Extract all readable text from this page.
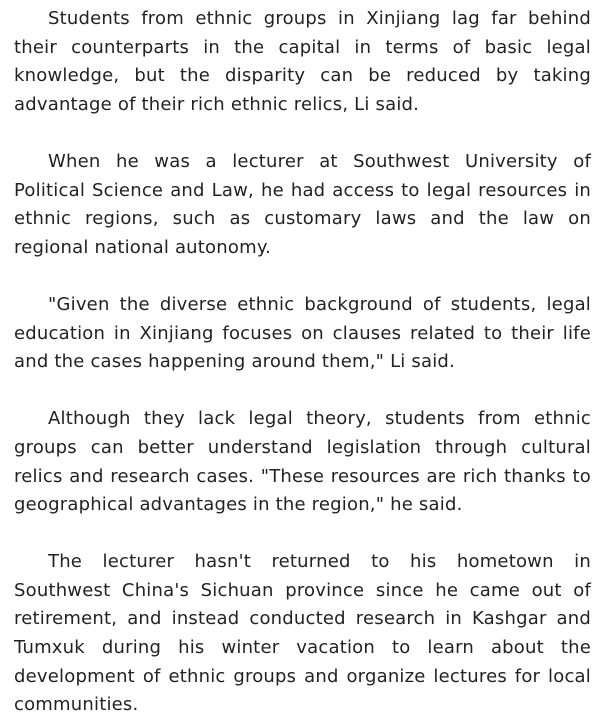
Students from ethnic groups in Xinjiang lag far behind their counterparts in the capital in terms of basic legal knowledge, but the disparity can be reduced by taking advantage of their rich ethnic relics, Li said.

When he was a lecturer at Southwest University of Political Science and Law, he had access to legal resources in ethnic regions, such as customary laws and the law on regional national autonomy.

"Given the diverse ethnic background of students, legal education in Xinjiang focuses on clauses related to their life and the cases happening around them," Li said.

Although they lack legal theory, students from ethnic groups can better understand legislation through cultural relics and research cases. "These resources are rich thanks to geographical advantages in the region," he said.

The lecturer hasn't returned to his hometown in Southwest China's Sichuan province since he came out of retirement, and instead conducted research in Kashgar and Tumxuk during his winter vacation to learn about the development of ethnic groups and organize lectures for local communities.
